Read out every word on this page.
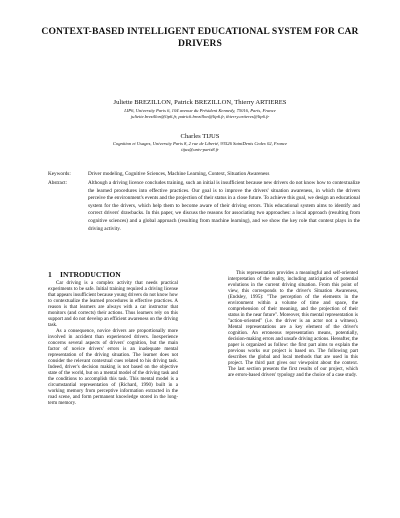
CONTEXT-BASED INTELLIGENT EDUCATIONAL SYSTEM FOR CAR DRIVERS
Juliette BREZILLON, Patrick BREZILLON, Thierry ARTIERES
LIP6, University Paris 6, 104 avenue du Président Kennedy, 75016, Paris, France
juliette.brezillon@lip6.fr, patrick.brezillon@lip6.fr, thierry.artieres@lip6.fr
Charles TIJUS
Cognition et Usages, University Paris 8, 2 rue de Liberté, 93526 SaintDenis Cedex 02, France
tijus@univ-paris8.fr
Keywords:	Driver modeling, Cognitive Sciences, Machine Learning, Context, Situation Awareness
Abstract:	Although a driving licence concludes training, such an initial is insufficient because new drivers do not know how to contextualize the learned procedures into effective practices. Our goal is to improve the drivers' situation awareness, in which the drivers perceive the environment's events and the projection of their status in a close future. To achieve this goal, we design an educational system for the drivers, which help them to become aware of their driving errors. This educational system aims to identify and correct drivers' drawbacks. In this paper, we discuss the reasons for associating two approaches: a local approach (resulting from cognitive sciences) and a global approach (resulting from machine learning), and we show the key role that context plays in the driving activity.
1 INTRODUCTION

Car driving is a complex activity that needs practical experiments to be safe. Initial training required a driving license that appears insufficient because young drivers do not know how to contextualize the learned procedures in effective practices. A reason is that learners are always with a car instructor that monitors (and corrects) their actions. Thus learners rely on this support and do not develop an efficient awareness on the driving task.

As a consequence, novice drivers are proportionally more involved in accident than experienced drivers. Inexperience concerns several aspects of drivers' cognition, but the main factor of novice drivers' errors is an inadequate mental representation of the driving situation. The learner does not consider the relevant contextual cues related to his driving task. Indeed, driver's decision making is not based on the objective state of the world, but on a mental model of the driving task and the conditions to accomplish this task. This mental model is a circumstantial representation of (Richard, 1990) built in a working memory from perceptive information extracted in the road scene, and form permanent knowledge stored in the long-term memory.

This representation provides a meaningful and self-oriented interpretation of the reality, including anticipation of potential evolutions in the current driving situation. From this point of view, this corresponds to the driver's Situation Awareness, (Endsley, 1995): "The perception of the elements in the environment within a volume of time and space, the comprehension of their meaning, and the projection of their status in the near future". Moreover, this mental representation is "action-oriented" (i.e. the driver is an actor not a witness). Mental representations are a key element of the driver's cognition. An erroneous representation means, potentially, decision-making errors and unsafe driving actions. Hereafter, the paper is organized as follow: the first part aims to explain the previous works our project is based on. The following part describes the global and local methods that are used in this project. The third part gives our viewpoint about the context. The last section presents the first results of our project, which are errors-based drivers' typology and the choice of a case study.
